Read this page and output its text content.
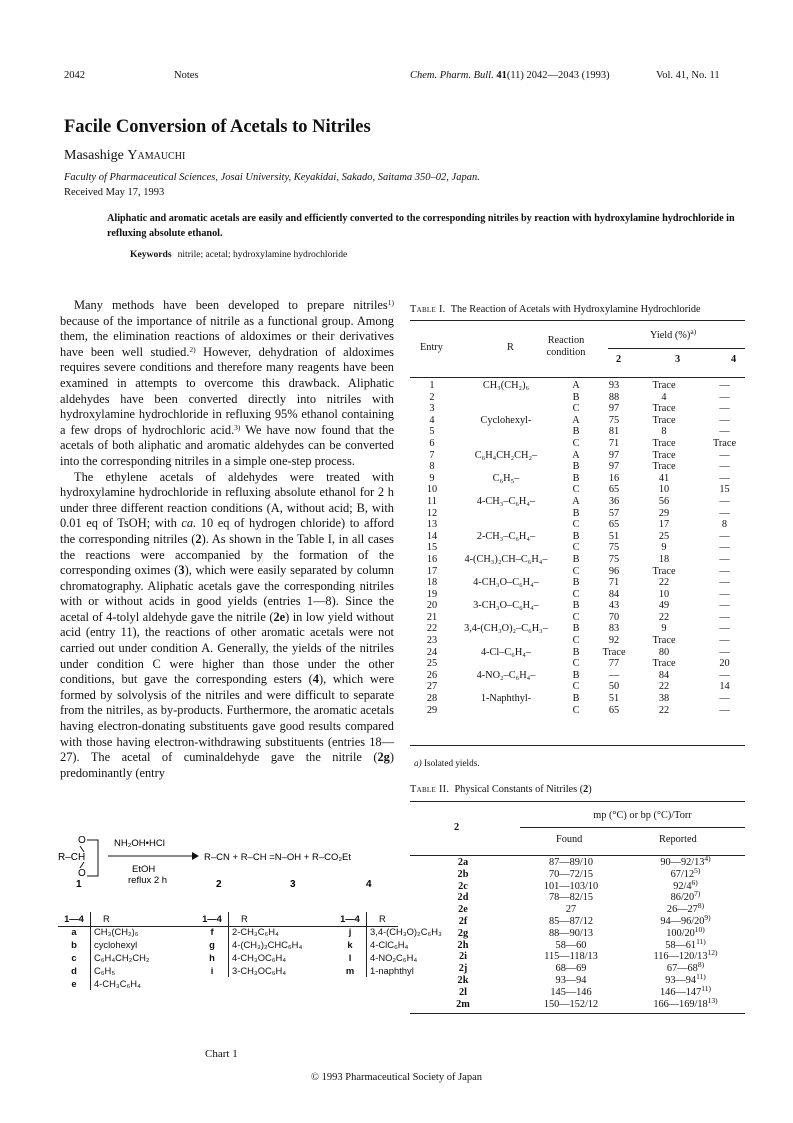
2042	Notes	Chem. Pharm. Bull. 41(11) 2042—2043 (1993)	Vol. 41, No. 11
Facile Conversion of Acetals to Nitriles
Masashige Yamauchi
Faculty of Pharmaceutical Sciences, Josai University, Keyakidai, Sakado, Saitama 350–02, Japan.
Received May 17, 1993
Aliphatic and aromatic acetals are easily and efficiently converted to the corresponding nitriles by reaction with hydroxylamine hydrochloride in refluxing absolute ethanol.
Keywords nitrile; acetal; hydroxylamine hydrochloride

Many methods have been developed to prepare nitriles$^{1)}$ because of the importance of nitrile as a functional group. Among them, the elimination reactions of aldoximes or their derivatives have been well studied.$^{2)}$ However, dehydration of aldoximes requires severe conditions and therefore many reagents have been examined in attempts to overcome this drawback. Aliphatic aldehydes have been converted directly into nitriles with hydroxylamine hydrochloride in refluxing 95% ethanol containing a few drops of hydrochloric acid.$^{3)}$ We have now found that the acetals of both aliphatic and aromatic aldehydes can be converted into the corresponding nitriles in a simple one-step process.

The ethylene acetals of aldehydes were treated with hydroxylamine hydrochloride in refluxing absolute ethanol for 2 h under three different reaction conditions (A, without acid; B, with 0.01 eq of TsOH; with ca. 10 eq of hydrogen chloride) to afford the corresponding nitriles (2). As shown in the Table I, in all cases the reactions were accompanied by the formation of the corresponding oximes (3), which were easily separated by column chromatography. Aliphatic acetals gave the corresponding nitriles with or without acids in good yields (entries 1—8). Since the acetal of 4-tolyl aldehyde gave the nitrile (2e) in low yield without acid (entry 11), the reactions of other aromatic acetals were not carried out under condition A. Generally, the yields of the nitriles under condition C were higher than those under the other conditions, but gave the corresponding esters (4), which were formed by solvolysis of the nitriles and were difficult to separate from the nitriles, as by-products. Furthermore, the aromatic acetals having electron-donating substituents gave good results compared with those having electron-withdrawing substituents (entries 18—27). The acetal of cuminaldehyde gave the nitrile (2g) predominantly (entry

Table I. The Reaction of Acetals with Hydroxylamine Hydrochloride
Entry	R
Reaction
condition
Yield (%)$^{a)}$
2	3	4
1	CH₃(CH₂)₆	A	93	Trace	—
2		B	88	4	—
3		C	97	Trace	—
4	Cyclohexyl-	A	75	Trace	—
5		B	81	8	—
6		C	71	Trace	Trace
7	C₆H₄CH₂CH₂–	A	97	Trace	—
8		B	97	Trace	—
9	C₆H₅–	B	16	41	—
10		C	65	10	15
11	4-CH₃–C₆H₄–	A	36	56	—
12		B	57	29	—
13		C	65	17	8
14	2-CH₃–C₆H₄–	B	51	25	—
15		C	75	9	—
16	4-(CH₃)₂CH–C₆H₄–	B	75	18	—
17		C	96	Trace	—
18	4-CH₃O–C₆H₄–	B	71	22	—
19		C	84	10	—
20	3-CH₃O–C₆H₄–	B	43	49	—
21		C	70	22	—
22	3,4-(CH₃O)₂–C₆H₃–	B	83	9	—
23		C	92	Trace	—
24	4-Cl–C₆H₄–	B	Trace	80	—
25		C	77	Trace	20
26	4-NO₂–C₆H₄–	B	—	84	—
27		C	50	22	14
28	1-Naphthyl-	B	51	38	—
29		C	65	22	—
a) Isolated yields.
Table II. Physical Constants of Nitriles (2)
mp (°C) or bp (°C)/Torr
2
Found	Reported
2a	87—89/10	90—92/13$^{4)}$
2b	70—72/15	67/12$^{5)}$
2c	101—103/10	92/4$^{6)}$
2d	78—82/15	86/20$^{7)}$
2e	27	26—27$^{8)}$
2f	85—87/12	94—96/20$^{9)}$
2g	88—90/13	100/20$^{10)}$
2h	58—60	58—61$^{11)}$
2i	115—118/13	116—120/13$^{12)}$
2j	68—69	67—68$^{8)}$
2k	93—94	93—94$^{11)}$
2l	145—146	146—147$^{11)}$
2m	150—152/12	166—169/18$^{13)}$
O
O
R–CH
NH₂OH•HCl
EtOH
reflux 2 h
R–CN + R–CH =N–OH + R–CO₂Et
1	2	3	4
1—4	R	1—4	R	1—4	R
a	CH₃(CH₂)₆	f	2-CH₃C₆H₄	j	3,4-(CH₃O)₂C₆H₃
b	cyclohexyl	g	4-(CH₃)₂CHC₆H₄	k	4-ClC₆H₄
c	C₆H₄CH₂CH₂	h	4-CH₃OC₆H₄	l	4-NO₂C₆H₄
d	C₆H₅	i	3-CH₃OC₆H₄	m	1-naphthyl
e	4-CH₃C₆H₄				
Chart 1
© 1993 Pharmaceutical Society of Japan
